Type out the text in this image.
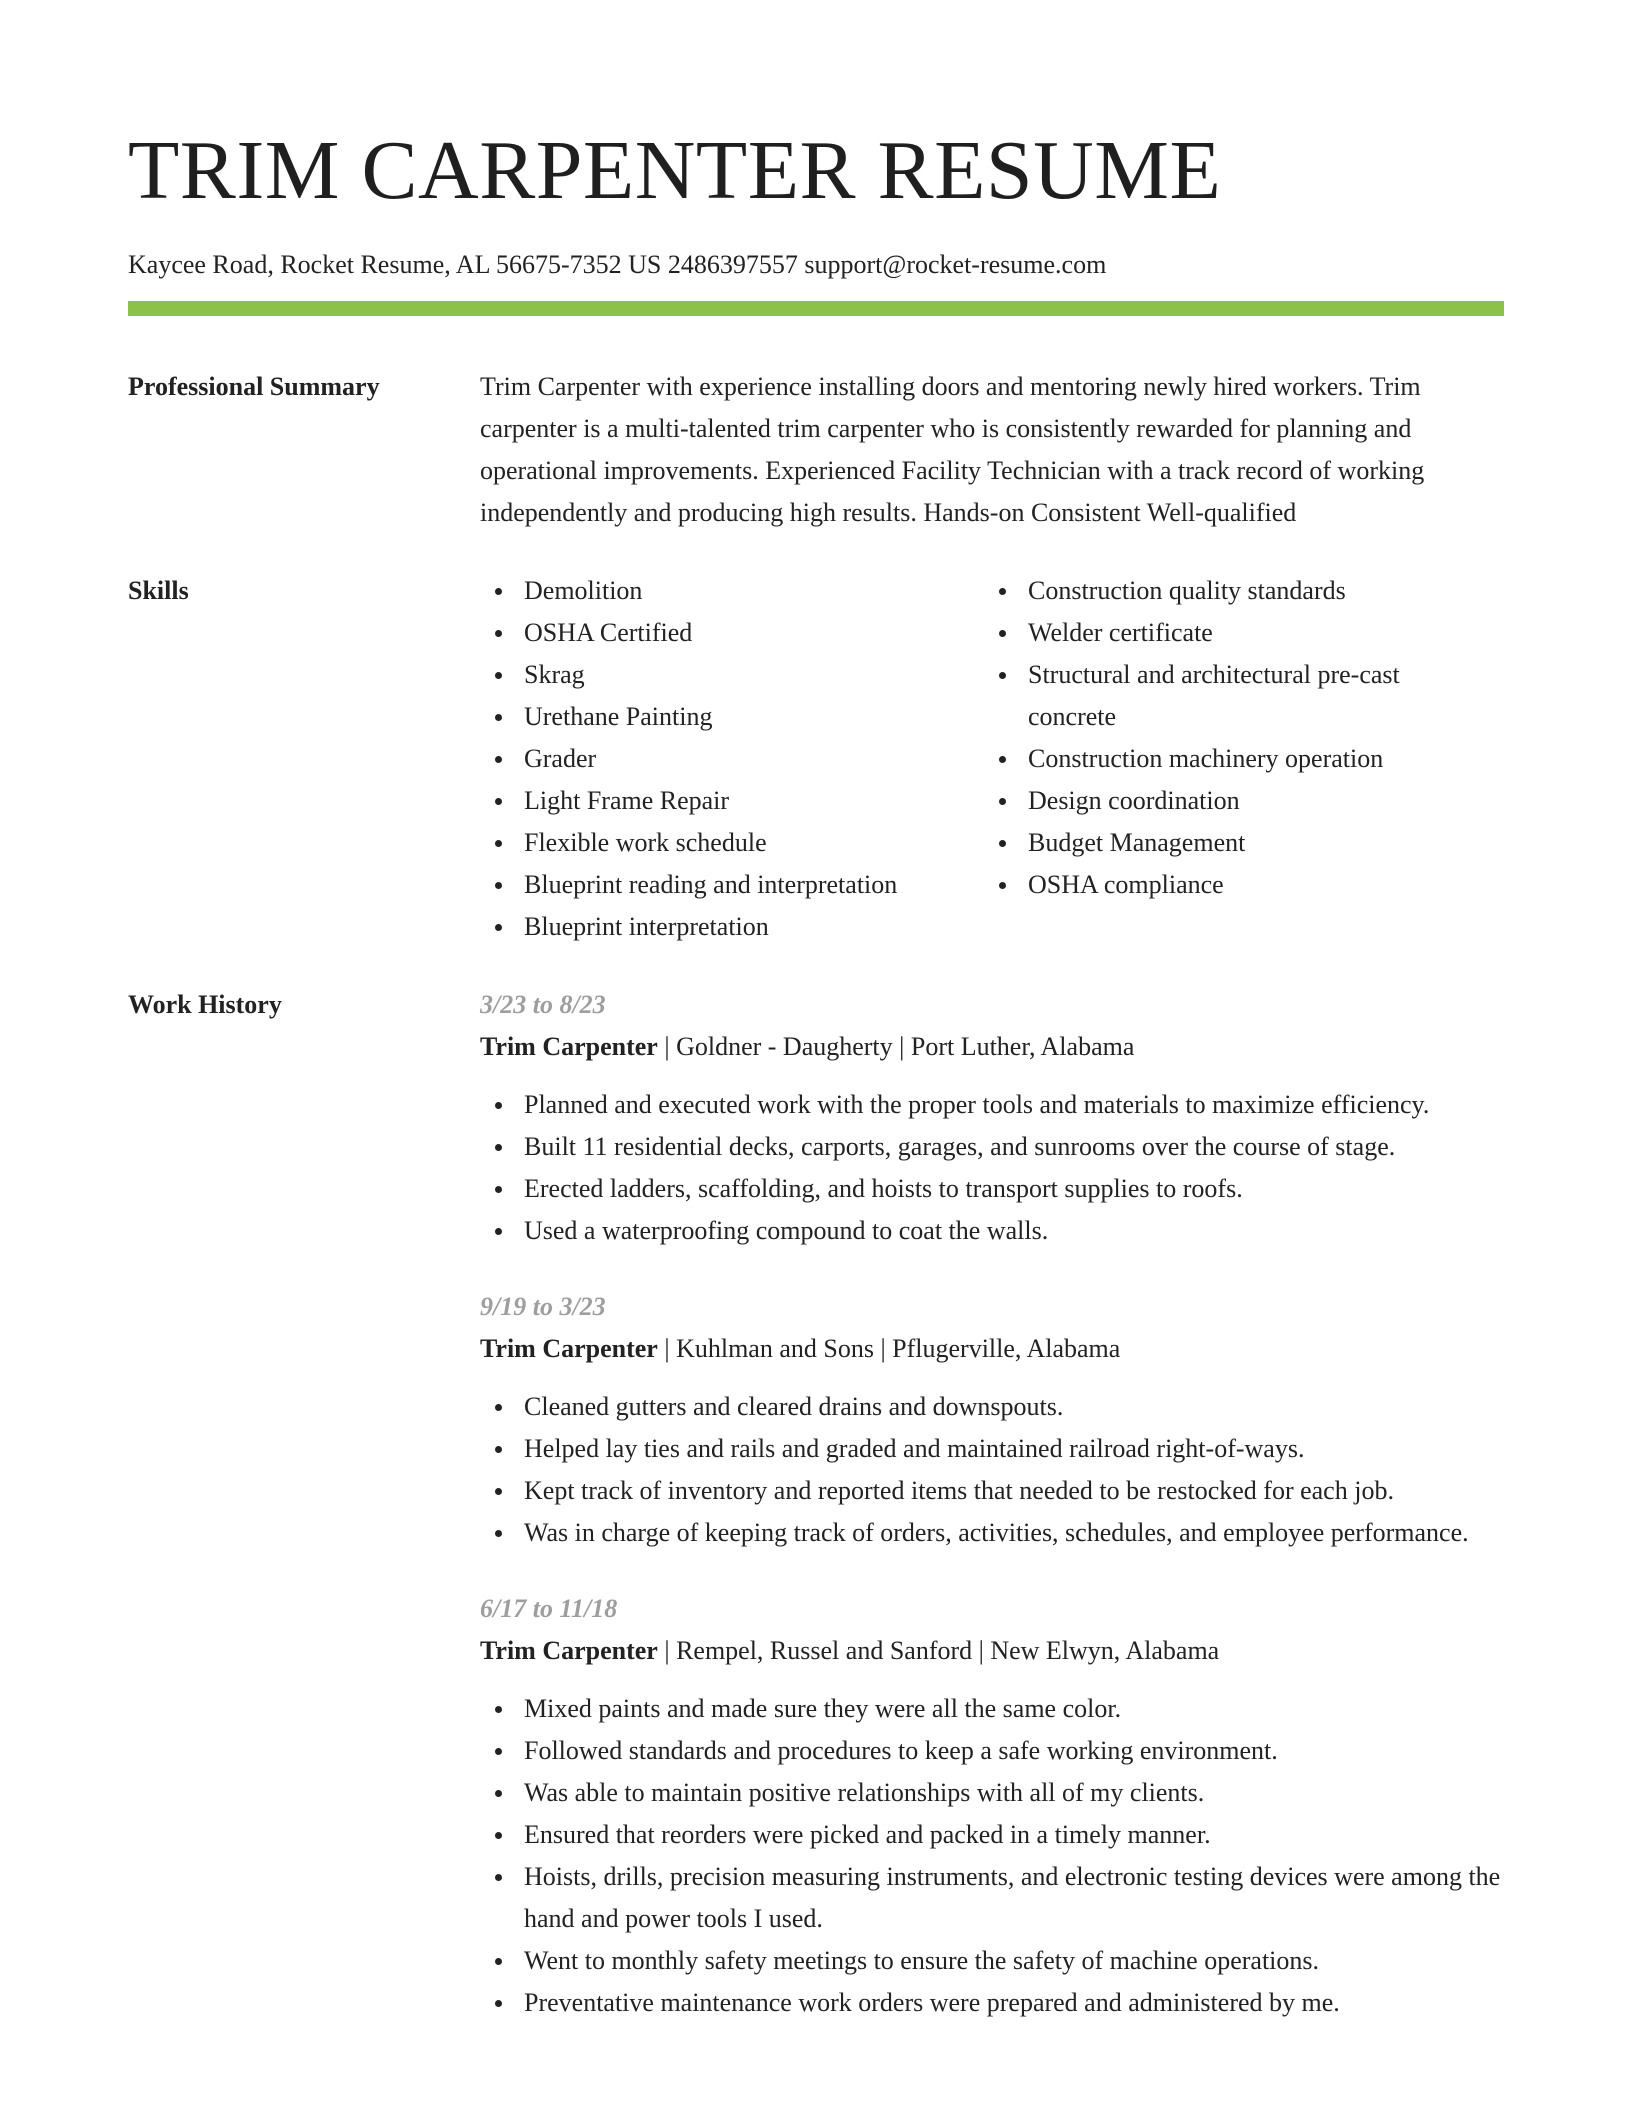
TRIM CARPENTER RESUME
Kaycee Road, Rocket Resume, AL 56675-7352 US 2486397557 support@rocket-resume.com
Professional Summary	Trim Carpenter with experience installing doors and mentoring newly hired workers. Trim carpenter is a multi-talented trim carpenter who is consistently rewarded for planning and operational improvements. Experienced Facility Technician with a track record of working independently and producing high results. Hands-on Consistent Well-qualified
Skills	Demolition
OSHA Certified
Skrag
Urethane Painting
Grader
Light Frame Repair
Flexible work schedule
Blueprint reading and interpretation
Blueprint interpretation
Construction quality standards
Welder certificate
Structural and architectural pre-cast concrete
Construction machinery operation
Design coordination
Budget Management
OSHA compliance
Work History	3/23 to 8/23
Trim Carpenter | Goldner - Daugherty | Port Luther, Alabama
Planned and executed work with the proper tools and materials to maximize efficiency.
Built 11 residential decks, carports, garages, and sunrooms over the course of stage.
Erected ladders, scaffolding, and hoists to transport supplies to roofs.
Used a waterproofing compound to coat the walls.
9/19 to 3/23
Trim Carpenter | Kuhlman and Sons | Pflugerville, Alabama
Cleaned gutters and cleared drains and downspouts.
Helped lay ties and rails and graded and maintained railroad right-of-ways.
Kept track of inventory and reported items that needed to be restocked for each job.
Was in charge of keeping track of orders, activities, schedules, and employee performance.
6/17 to 11/18
Trim Carpenter | Rempel, Russel and Sanford | New Elwyn, Alabama
Mixed paints and made sure they were all the same color.
Followed standards and procedures to keep a safe working environment.
Was able to maintain positive relationships with all of my clients.
Ensured that reorders were picked and packed in a timely manner.
Hoists, drills, precision measuring instruments, and electronic testing devices were among the hand and power tools I used.
Went to monthly safety meetings to ensure the safety of machine operations.
Preventative maintenance work orders were prepared and administered by me.
